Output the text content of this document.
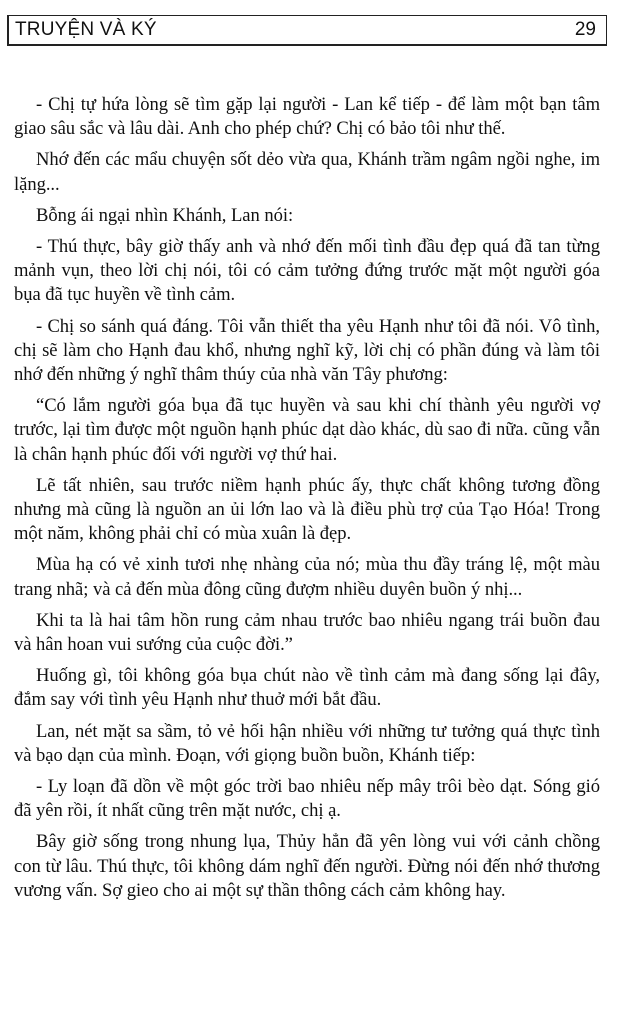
TRUYỆN VÀ KÝ	29

- Chị tự hứa lòng sẽ tìm gặp lại người - Lan kể tiếp - để làm một bạn tâm giao sâu sắc và lâu dài. Anh cho phép chứ? Chị có bảo tôi như thế.

Nhớ đến các mẩu chuyện sốt dẻo vừa qua, Khánh trầm ngâm ngồi nghe, im lặng...

Bỗng ái ngại nhìn Khánh, Lan nói:

- Thú thực, bây giờ thấy anh và nhớ đến mối tình đầu đẹp quá đã tan từng mảnh vụn, theo lời chị nói, tôi có cảm tưởng đứng trước mặt một người góa bụa đã tục huyền về tình cảm.

- Chị so sánh quá đáng. Tôi vẫn thiết tha yêu Hạnh như tôi đã nói. Vô tình, chị sẽ làm cho Hạnh đau khổ, nhưng nghĩ kỹ, lời chị có phần đúng và làm tôi nhớ đến những ý nghĩ thâm thúy của nhà văn Tây phương:

“Có lắm người góa bụa đã tục huyền và sau khi chí thành yêu người vợ trước, lại tìm được một nguồn hạnh phúc dạt dào khác, dù sao đi nữa. cũng vẫn là chân hạnh phúc đối với người vợ thứ hai.

Lẽ tất nhiên, sau trước niềm hạnh phúc ấy, thực chất không tương đồng nhưng mà cũng là nguồn an ủi lớn lao và là điều phù trợ của Tạo Hóa! Trong một năm, không phải chỉ có mùa xuân là đẹp.

Mùa hạ có vẻ xinh tươi nhẹ nhàng của nó; mùa thu đầy tráng lệ, một màu trang nhã; và cả đến mùa đông cũng đượm nhiều duyên buồn ý nhị...

Khi ta là hai tâm hồn rung cảm nhau trước bao nhiêu ngang trái buồn đau và hân hoan vui sướng của cuộc đời.”

Huống gì, tôi không góa bụa chút nào về tình cảm mà đang sống lại đây, đắm say với tình yêu Hạnh như thuở mới bắt đầu.

Lan, nét mặt sa sầm, tỏ vẻ hối hận nhiều với những tư tưởng quá thực tình và bạo dạn của mình. Đoạn, với giọng buồn buồn, Khánh tiếp:

- Ly loạn đã dồn về một góc trời bao nhiêu nếp mây trôi bèo dạt. Sóng gió đã yên rồi, ít nhất cũng trên mặt nước, chị ạ.

Bây giờ sống trong nhung lụa, Thủy hẳn đã yên lòng vui với cảnh chồng con từ lâu. Thú thực, tôi không dám nghĩ đến người. Đừng nói đến nhớ thương vương vấn. Sợ gieo cho ai một sự thần thông cách cảm không hay.
